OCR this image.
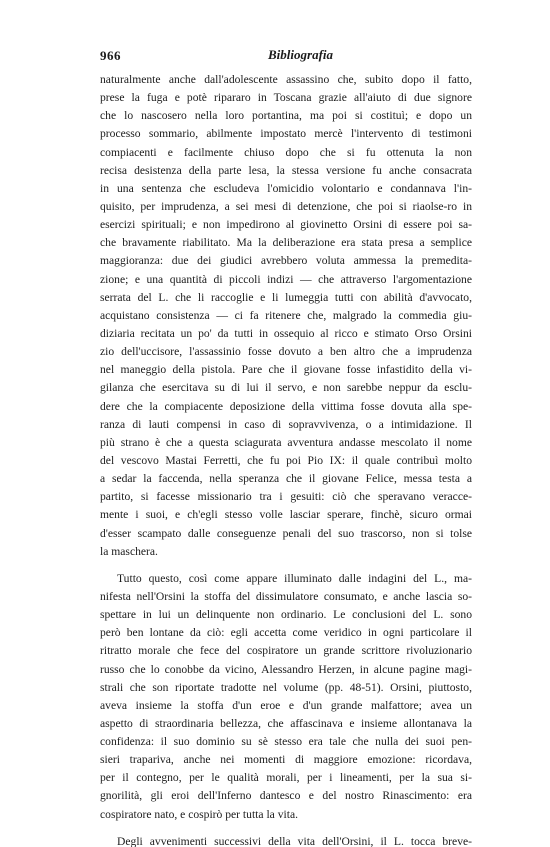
966	Bibliografia
naturalmente anche dall'adolescente assassino che, subito dopo il fatto,
prese la fuga e potè ripararo in Toscana grazie all'aiuto di due signore
che lo nascosero nella loro portantina, ma poi si costituì; e dopo un
processo sommario, abilmente impostato mercè l'intervento di testimoni
compiacenti e facilmente chiuso dopo che si fu ottenuta la non
recisa desistenza della parte lesa, la stessa versione fu anche consacrata
in una sentenza che escludeva l'omicidio volontario e condannava l'in-
quisito, per imprudenza, a sei mesi di detenzione, che poi si riaolse-ro in
esercizi spirituali; e non impedirono al giovinetto Orsini di essere poi sa-
che bravamente riabilitato. Ma la deliberazione era stata presa a semplice
maggioranza: due dei giudici avrebbero voluta ammessa la premedita-
zione; e una quantità di piccoli indizi — che attraverso l'argomentazione
serrata del L. che li raccoglie e li lumeggia tutti con abilità d'avvocato,
acquistano consistenza — ci fa ritenere che, malgrado la commedia giu-
diziaria recitata un po' da tutti in ossequio al ricco e stimato Orso Orsini
zio dell'uccisore, l'assassinio fosse dovuto a ben altro che a imprudenza
nel maneggio della pistola. Pare che il giovane fosse infastidito della vi-
gilanza che esercitava su di lui il servo, e non sarebbe neppur da esclu-
dere che la compiacente deposizione della vittima fosse dovuta alla spe-
ranza di lauti compensi in caso di sopravvivenza, o a intimidazione. Il
più strano è che a questa sciagurata avventura andasse mescolato il nome
del vescovo Mastai Ferretti, che fu poi Pio IX: il quale contribuì molto
a sedar la faccenda, nella speranza che il giovane Felice, messa testa a
partito, si facesse missionario tra i gesuiti: ciò che speravano veracce-
mente i suoi, e ch'egli stesso volle lasciar sperare, finchè, sicuro ormai
d'esser scampato dalle conseguenze penali del suo trascorso, non si tolse
la maschera.
Tutto questo, così come appare illuminato dalle indagini del L., ma-
nifesta nell'Orsini la stoffa del dissimulatore consumato, e anche lascia so-
spettare in lui un delinquente non ordinario. Le conclusioni del L. sono
però ben lontane da ciò: egli accetta come veridico in ogni particolare il
ritratto morale che fece del cospiratore un grande scrittore rivoluzionario
russo che lo conobbe da vicino, Alessandro Herzen, in alcune pagine magi-
strali che son riportate tradotte nel volume (pp. 48-51). Orsini, piuttosto,
aveva insieme la stoffa d'un eroe e d'un grande malfattore; avea un
aspetto di straordinaria bellezza, che affascinava e insieme allontanava la
confidenza: il suo dominio su sè stesso era tale che nulla dei suoi pen-
sieri trapariva, anche nei momenti di maggiore emozione: ricordava,
per il contegno, per le qualità morali, per i lineamenti, per la sua si-
gnorilità, gli eroi dell'Inferno dantesco e del nostro Rinascimento: era
cospiratore nato, e cospirò per tutta la vita.
Degli avvenimenti successivi della vita dell'Orsini, il L. tocca breve-
